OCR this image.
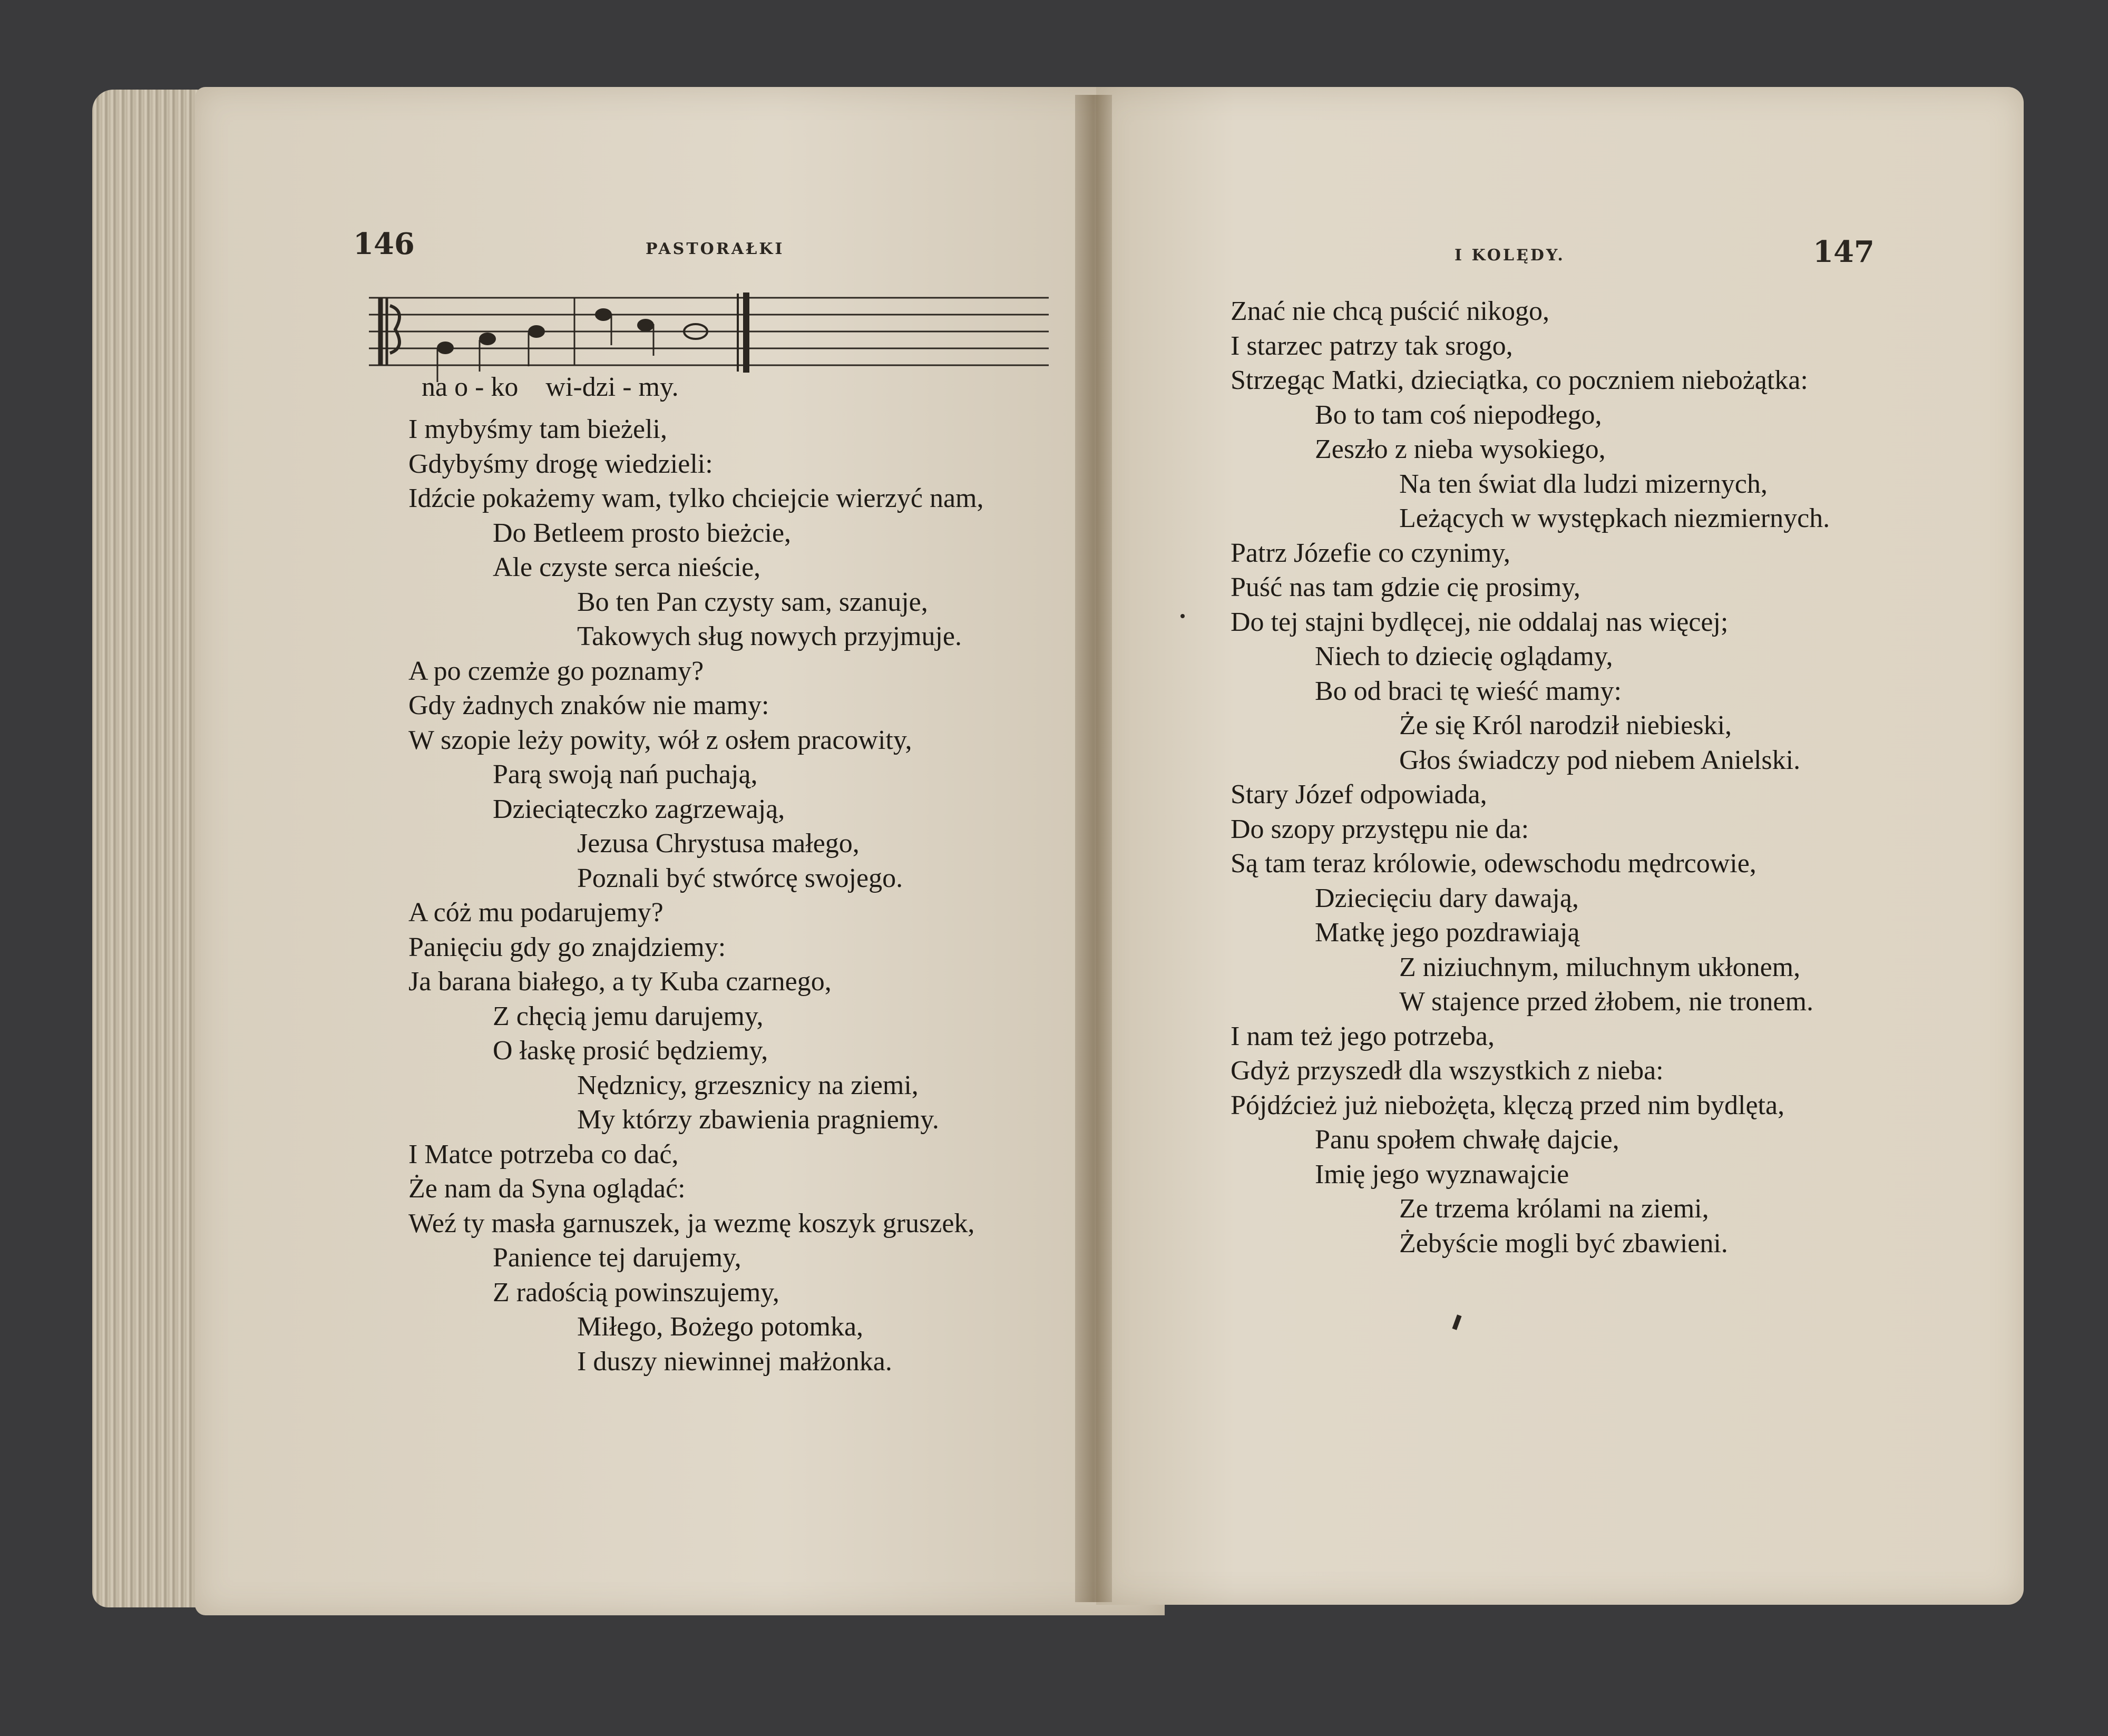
146	PASTORAŁKI
na o - ko    wi-dzi - my.
I mybyśmy tam bieżeli,
Gdybyśmy drogę wiedzieli:
Idźcie pokażemy wam, tylko chciejcie wierzyć nam,
Do Betleem prosto bieżcie,
Ale czyste serca nieście,
Bo ten Pan czysty sam, szanuje,
Takowych sług nowych przyjmuje.
A po czemże go poznamy?
Gdy żadnych znaków nie mamy:
W szopie leży powity, wół z osłem pracowity,
Parą swoją nań puchają,
Dzieciąteczko zagrzewają,
Jezusa Chrystusa małego,
Poznali być stwórcę swojego.
A cóż mu podarujemy?
Panięciu gdy go znajdziemy:
Ja barana białego, a ty Kuba czarnego,
Z chęcią jemu darujemy,
O łaskę prosić będziemy,
Nędznicy, grzesznicy na ziemi,
My którzy zbawienia pragniemy.
I Matce potrzeba co dać,
Że nam da Syna oglądać:
Weź ty masła garnuszek, ja wezmę koszyk gruszek,
Panience tej darujemy,
Z radością powinszujemy,
Miłego, Bożego potomka,
I duszy niewinnej małżonka.
I KOLĘDY.	147
Znać nie chcą puścić nikogo,
I starzec patrzy tak srogo,
Strzegąc Matki, dzieciątka, co poczniem niebożątka:
Bo to tam coś niepodłego,
Zeszło z nieba wysokiego,
Na ten świat dla ludzi mizernych,
Leżących w występkach niezmiernych.
Patrz Józefie co czynimy,
Puść nas tam gdzie cię prosimy,
Do tej stajni bydlęcej, nie oddalaj nas więcej;
Niech to dziecię oglądamy,
Bo od braci tę wieść mamy:
Że się Król narodził niebieski,
Głos świadczy pod niebem Anielski.
Stary Józef odpowiada,
Do szopy przystępu nie da:
Są tam teraz królowie, odewschodu mędrcowie,
Dziecięciu dary dawają,
Matkę jego pozdrawiają
Z niziuchnym, miluchnym ukłonem,
W stajence przed żłobem, nie tronem.
I nam też jego potrzeba,
Gdyż przyszedł dla wszystkich z nieba:
Pójdźcież już niebożęta, klęczą przed nim bydlęta,
Panu społem chwałę dajcie,
Imię jego wyznawajcie
Ze trzema królami na ziemi,
Żebyście mogli być zbawieni.
